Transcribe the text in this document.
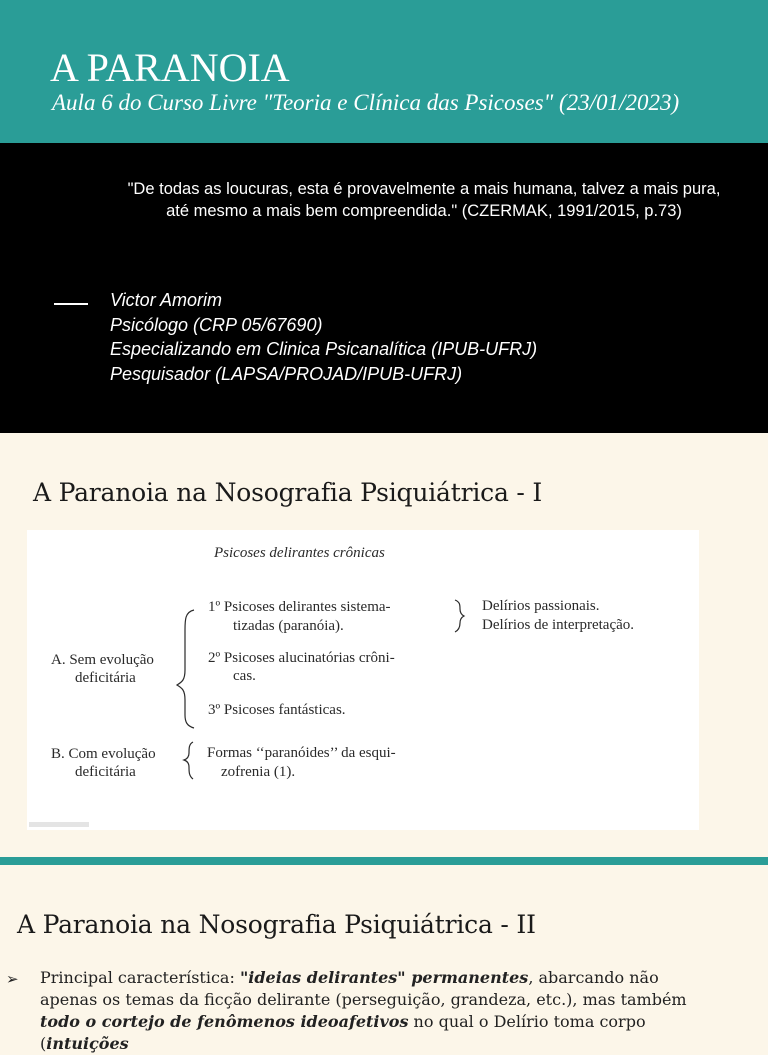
A PARANOIA

Aula 6 do Curso Livre "Teoria e Clínica das Psicoses" (23/01/2023)

"De todas as loucuras, esta é provavelmente a mais humana, talvez a mais pura, até mesmo a mais bem compreendida." (CZERMAK, 1991/2015, p.73)

Victor Amorim
Psicólogo (CRP 05/67690)
Especializando em Clinica Psicanalítica (IPUB-UFRJ)
Pesquisador (LAPSA/PROJAD/IPUB-UFRJ)
A Paranoia na Nosografia Psiquiátrica - I
Psicoses delirantes crônicas
A. Sem evolução
deficitária
1º Psicoses delirantes sistema-
tizadas (paranóia).
2º Psicoses alucinatórias crôni-
cas.
3º Psicoses fantásticas.
Delírios passionais.
Delírios de interpretação.
B. Com evolução
deficitária
Formas ‘‘paranóides’’ da esqui-
zofrenia (1).
A Paranoia na Nosografia Psiquiátrica - II
➢ Principal característica: "ideias delirantes" permanentes, abarcando não apenas os temas da ficção delirante (perseguição, grandeza, etc.), mas também todo o cortejo de fenômenos ideoafetivos no qual o Delírio toma corpo (intuições
